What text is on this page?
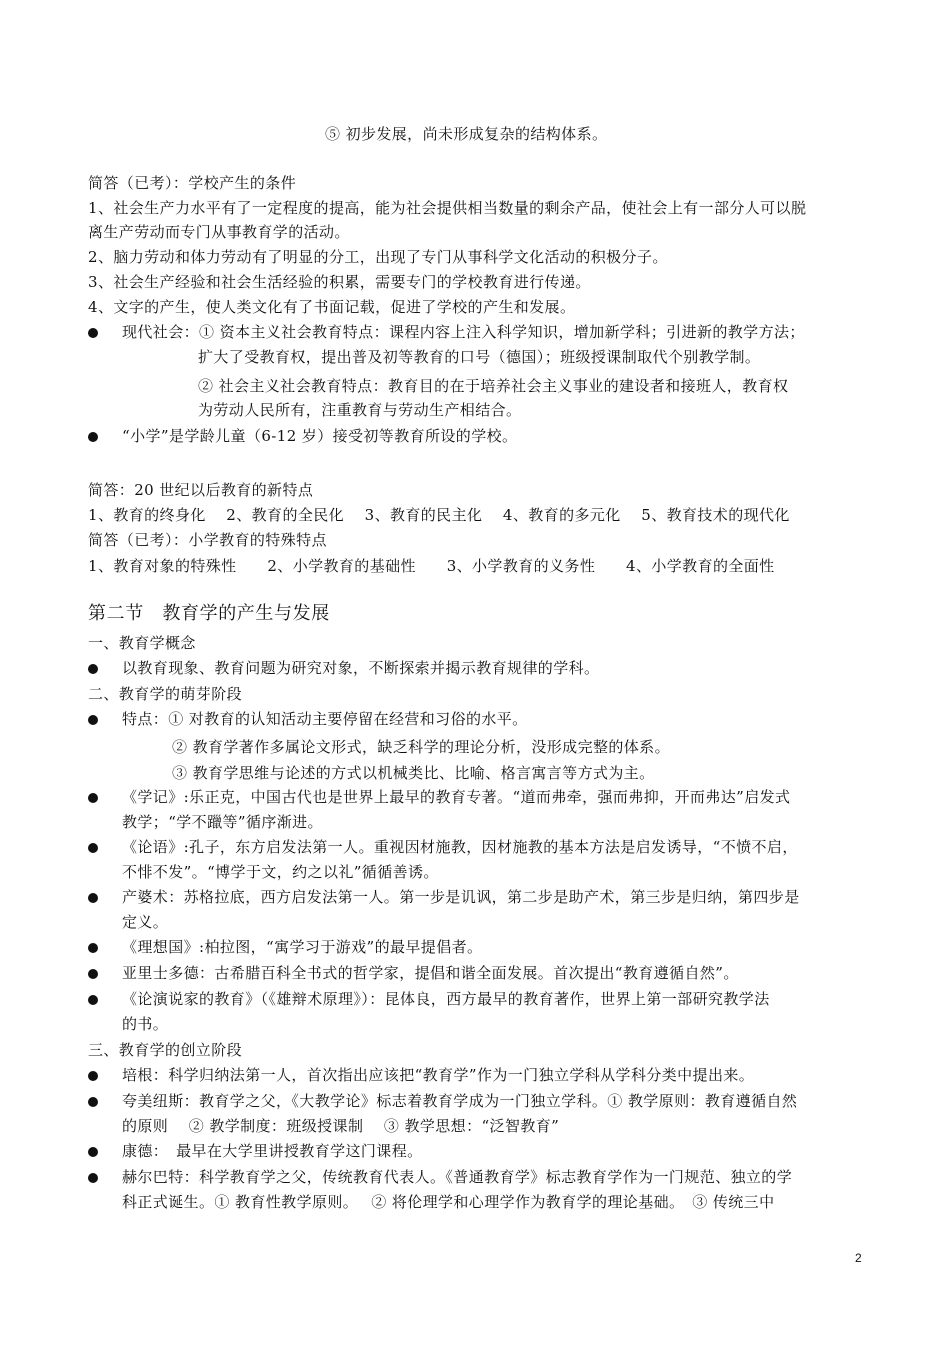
⑤ 初步发展，尚未形成复杂的结构体系。
简答（已考）：学校产生的条件
1、社会生产力水平有了一定程度的提高，能为社会提供相当数量的剩余产品，使社会上有一部分人可以脱
离生产劳动而专门从事教育学的活动。
2、脑力劳动和体力劳动有了明显的分工，出现了专门从事科学文化活动的积极分子。
3、社会生产经验和社会生活经验的积累，需要专门的学校教育进行传递。
4、文字的产生，使人类文化有了书面记载，促进了学校的产生和发展。
现代社会：① 资本主义社会教育特点：课程内容上注入科学知识，增加新学科；引进新的教学方法；
扩大了受教育权，提出普及初等教育的口号（德国）；班级授课制取代个别教学制。
② 社会主义社会教育特点：教育目的在于培养社会主义事业的建设者和接班人，教育权
为劳动人民所有，注重教育与劳动生产相结合。
“小学”是学龄儿童（6-12 岁）接受初等教育所设的学校。
简答：20 世纪以后教育的新特点
1、教育的终身化　 2、教育的全民化　 3、教育的民主化　 4、教育的多元化　 5、教育技术的现代化
简答（已考）：小学教育的特殊特点
1、教育对象的特殊性　　2、小学教育的基础性　　3、小学教育的义务性　　4、小学教育的全面性
第二节　教育学的产生与发展
一、教育学概念
以教育现象、教育问题为研究对象，不断探索并揭示教育规律的学科。
二、教育学的萌芽阶段
特点：① 对教育的认知活动主要停留在经营和习俗的水平。
② 教育学著作多属论文形式，缺乏科学的理论分析，没形成完整的体系。
③ 教育学思维与论述的方式以机械类比、比喻、格言寓言等方式为主。
《学记》:乐正克，中国古代也是世界上最早的教育专著。“道而弗牵，强而弗抑，开而弗达”启发式
教学；“学不躐等”循序渐进。
《论语》:孔子，东方启发法第一人。重视因材施教，因材施教的基本方法是启发诱导，“不愤不启，
不悱不发”。“博学于文，约之以礼”循循善诱。
产婆术：苏格拉底，西方启发法第一人。第一步是讥讽，第二步是助产术，第三步是归纳，第四步是
定义。
《理想国》:柏拉图，“寓学习于游戏”的最早提倡者。
亚里士多德：古希腊百科全书式的哲学家，提倡和谐全面发展。首次提出“教育遵循自然”。
《论演说家的教育》（《雄辩术原理》）：昆体良，西方最早的教育著作，世界上第一部研究教学法
的书。
三、教育学的创立阶段
培根：科学归纳法第一人，首次指出应该把“教育学”作为一门独立学科从学科分类中提出来。
夸美纽斯：教育学之父，《大教学论》标志着教育学成为一门独立学科。① 教学原则：教育遵循自然
的原则　 ② 教学制度：班级授课制　 ③ 教学思想：“泛智教育”
康德：　最早在大学里讲授教育学这门课程。
赫尔巴特：科学教育学之父，传统教育代表人。《普通教育学》标志教育学作为一门规范、独立的学
科正式诞生。① 教育性教学原则。　 ② 将伦理学和心理学作为教育学的理论基础。　③ 传统三中
2
